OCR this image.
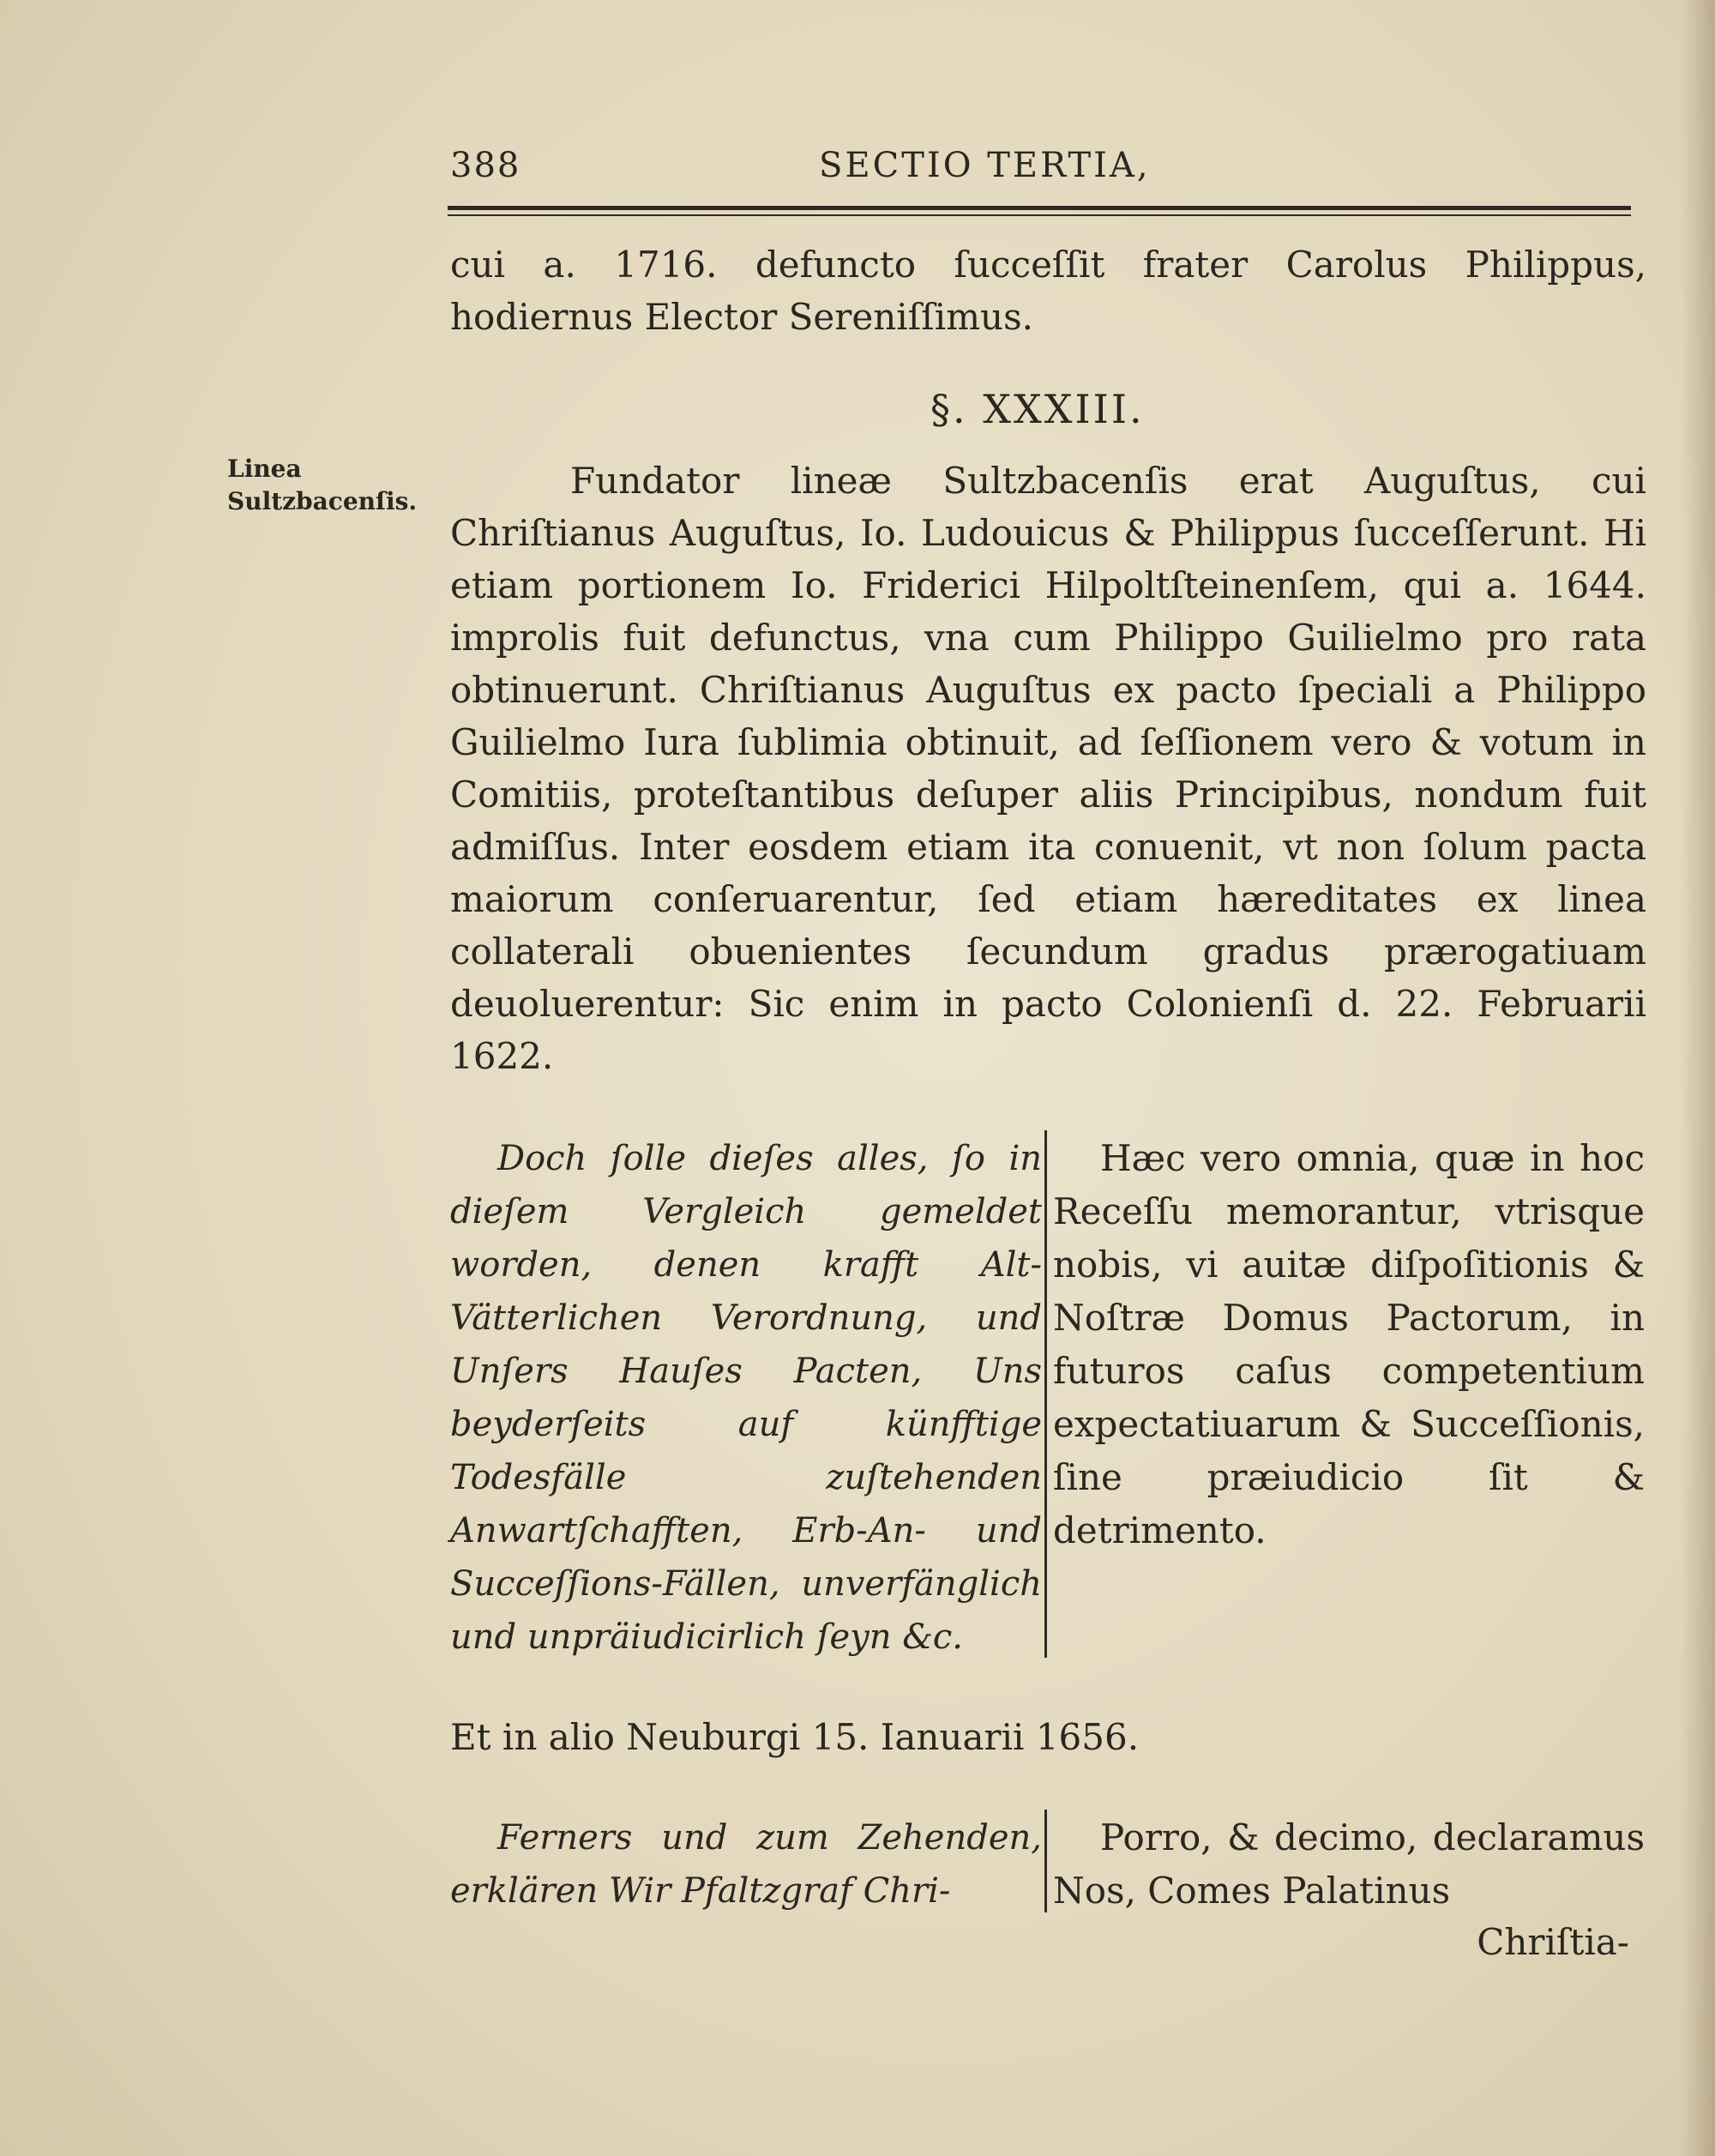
388	SECTIO TERTIA,
cui a. 1716. defuncto ſucceſſit frater Carolus Philippus, hodiernus Elector Sereniſſimus.
§. XXXIII.
Linea Sultzbacenſis.	Fundator lineæ Sultzbacenſis erat Auguſtus, cui Chriſtianus Auguſtus, Io. Ludouicus & Philippus ſucceſſerunt. Hi etiam portionem Io. Friderici Hilpoltſteinenſem, qui a. 1644. improlis fuit defunctus, vna cum Philippo Guilielmo pro rata obtinuerunt. Chriſtianus Auguſtus ex pacto ſpeciali a Philippo Guilielmo Iura ſublimia obtinuit, ad ſeſſionem vero & votum in Comitiis, proteſtantibus deſuper aliis Principibus, nondum fuit admiſſus. Inter eosdem etiam ita conuenit, vt non ſolum pacta maiorum conſeruarentur, ſed etiam hæreditates ex linea collaterali obuenientes ſecundum gradus prærogatiuam deuoluerentur: Sic enim in pacto Colonienſi d. 22. Februarii 1622.
Doch ſolle dieſes alles, ſo in dieſem Vergleich gemeldet worden, denen krafft Alt-Vätterlichen Verordnung, und Unſers Hauſes Pacten, Uns beyderſeits auf künfftige Todesfälle zuſtehenden Anwartſchafften, Erb-An- und Succeſſions-Fällen, unverfänglich und unpräiudicirlich ſeyn &c.
Hæc vero omnia, quæ in hoc Receſſu memorantur, vtrisque nobis, vi auitæ diſpoſitionis & Noſtræ Domus Pactorum, in futuros caſus competentium expectatiuarum & Succeſſionis, ſine præiudicio ſit & detrimento.
Et in alio Neuburgi 15. Ianuarii 1656.
Ferners und zum Zehenden, erklären Wir Pfaltzgraf Chri-
Porro, & decimo, declaramus Nos, Comes Palatinus
Chriſtia-
